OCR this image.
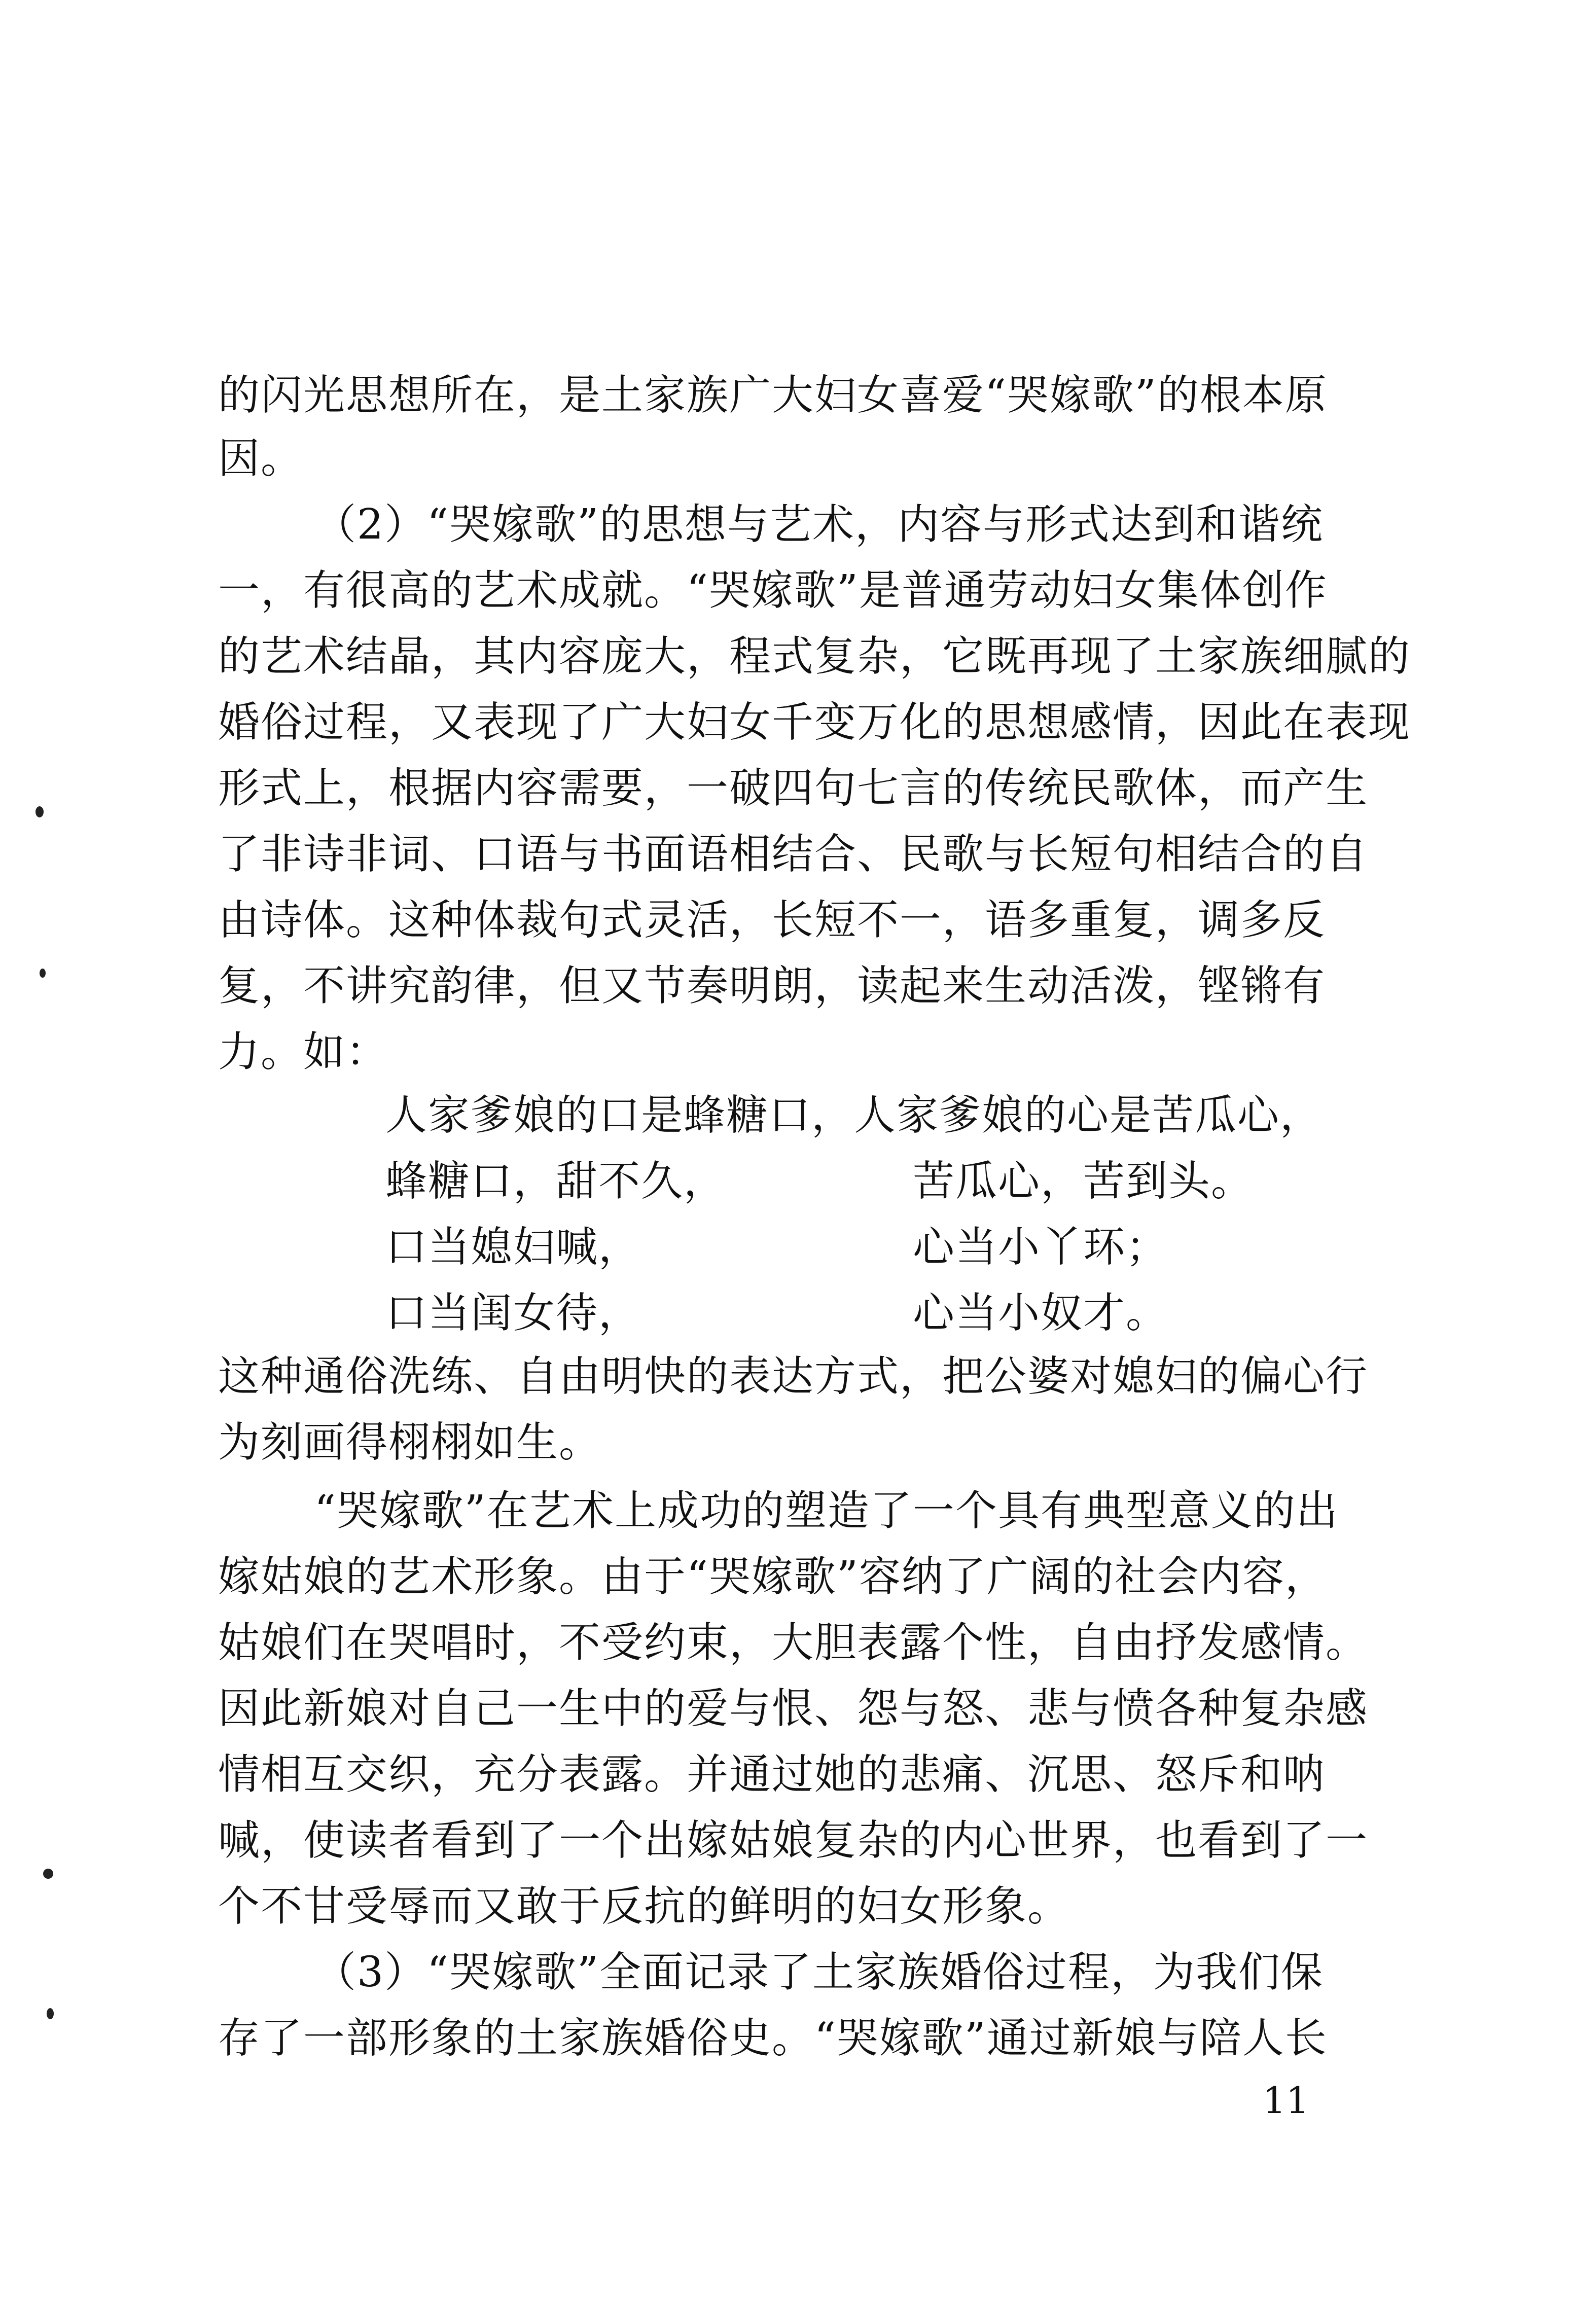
的闪光思想所在，是土家族广大妇女喜爱“哭嫁歌”的根本原
因。
（2）“哭嫁歌”的思想与艺术，内容与形式达到和谐统
一，有很高的艺术成就。“哭嫁歌”是普通劳动妇女集体创作
的艺术结晶，其内容庞大，程式复杂，它既再现了土家族细腻的
婚俗过程，又表现了广大妇女千变万化的思想感情，因此在表现
形式上，根据内容需要，一破四句七言的传统民歌体，而产生
了非诗非词、口语与书面语相结合、民歌与长短句相结合的自
由诗体。这种体裁句式灵活，长短不一，语多重复，调多反
复，不讲究韵律，但又节奏明朗，读起来生动活泼，铿锵有
力。如：
人家爹娘的口是蜂糖口，人家爹娘的心是苦瓜心，
蜂糖口，甜不久，	苦瓜心，苦到头。
口当媳妇喊，	心当小丫环；
口当闺女待，	心当小奴才。
这种通俗洗练、自由明快的表达方式，把公婆对媳妇的偏心行
为刻画得栩栩如生。
“哭嫁歌”在艺术上成功的塑造了一个具有典型意义的出
嫁姑娘的艺术形象。由于“哭嫁歌”容纳了广阔的社会内容，
姑娘们在哭唱时，不受约束，大胆表露个性，自由抒发感情。
因此新娘对自己一生中的爱与恨、怨与怒、悲与愤各种复杂感
情相互交织，充分表露。并通过她的悲痛、沉思、怒斥和呐
喊，使读者看到了一个出嫁姑娘复杂的内心世界，也看到了一
个不甘受辱而又敢于反抗的鲜明的妇女形象。
（3）“哭嫁歌”全面记录了土家族婚俗过程，为我们保
存了一部形象的土家族婚俗史。“哭嫁歌”通过新娘与陪人长
11
